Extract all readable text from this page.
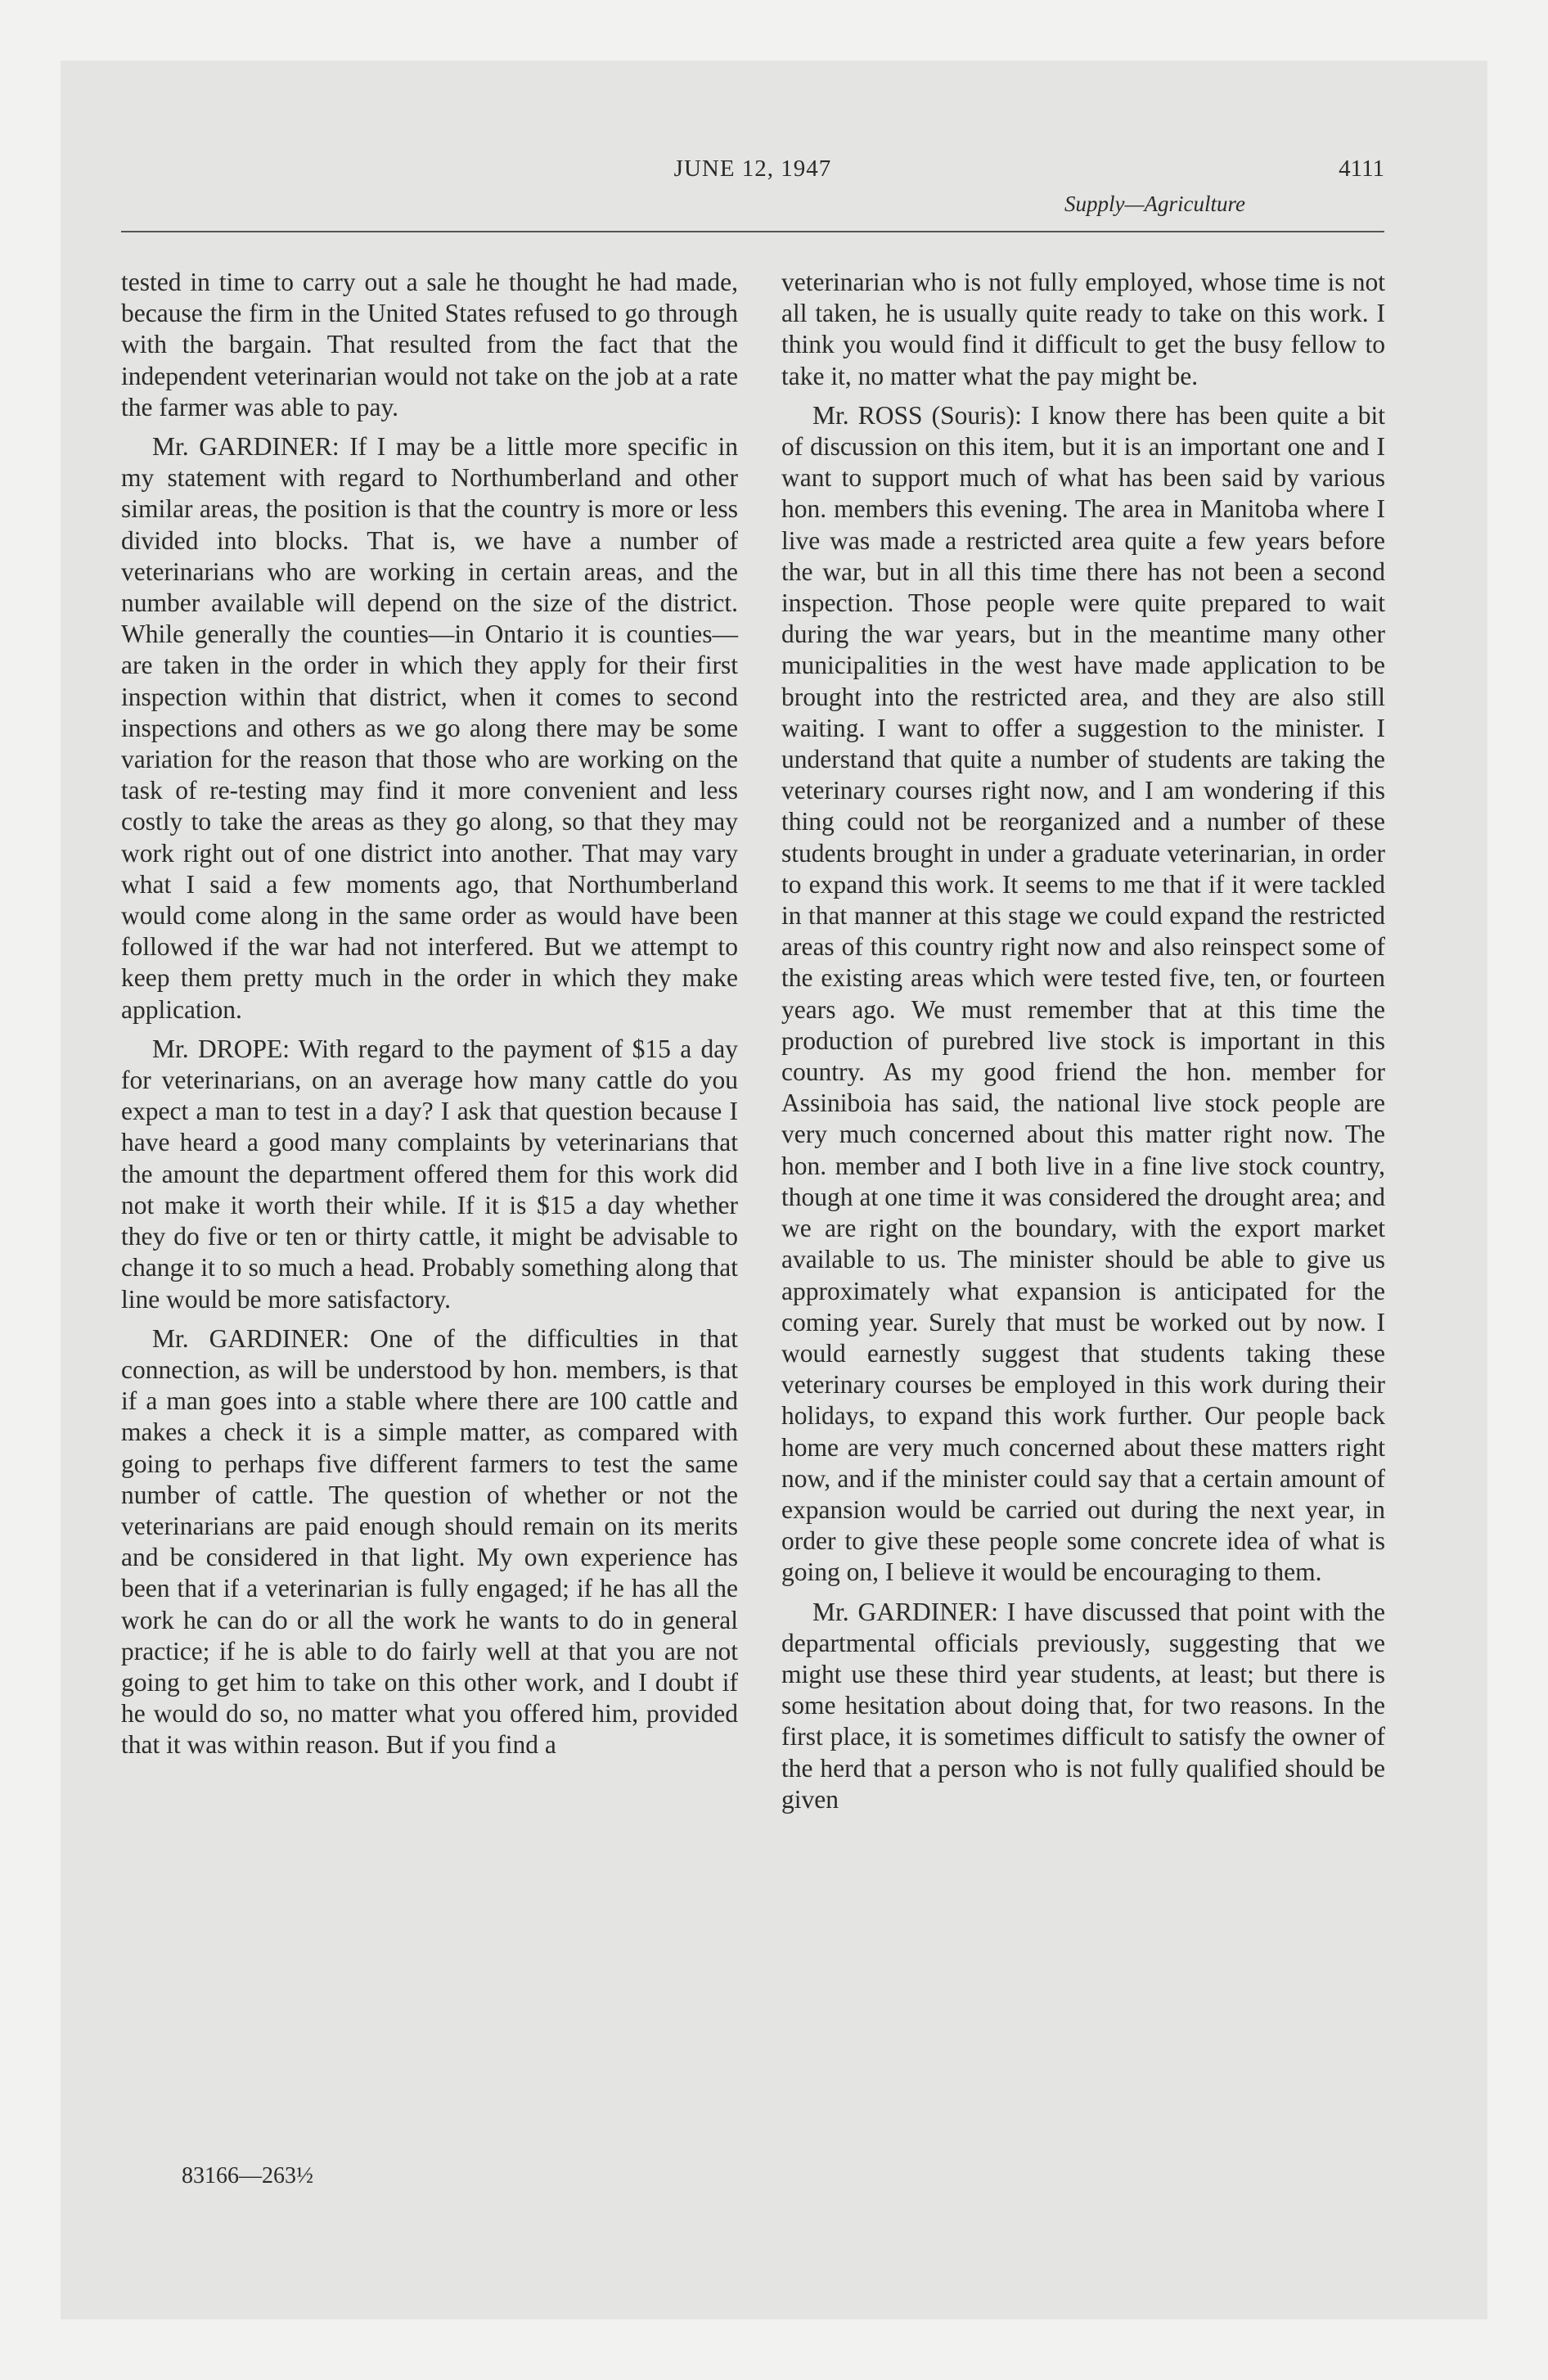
JUNE 12, 1947	4111
Supply—Agriculture

tested in time to carry out a sale he thought he had made, because the firm in the United States refused to go through with the bargain. That resulted from the fact that the independent veterinarian would not take on the job at a rate the farmer was able to pay.

Mr. GARDINER: If I may be a little more specific in my statement with regard to Northumberland and other similar areas, the position is that the country is more or less divided into blocks. That is, we have a number of veterinarians who are working in certain areas, and the number available will depend on the size of the district. While generally the counties—in Ontario it is counties—are taken in the order in which they apply for their first inspection within that district, when it comes to second inspections and others as we go along there may be some variation for the reason that those who are working on the task of re-testing may find it more convenient and less costly to take the areas as they go along, so that they may work right out of one district into another. That may vary what I said a few moments ago, that Northumberland would come along in the same order as would have been followed if the war had not interfered. But we attempt to keep them pretty much in the order in which they make application.

Mr. DROPE: With regard to the payment of $15 a day for veterinarians, on an average how many cattle do you expect a man to test in a day? I ask that question because I have heard a good many complaints by veterinarians that the amount the department offered them for this work did not make it worth their while. If it is $15 a day whether they do five or ten or thirty cattle, it might be advisable to change it to so much a head. Probably something along that line would be more satisfactory.

Mr. GARDINER: One of the difficulties in that connection, as will be understood by hon. members, is that if a man goes into a stable where there are 100 cattle and makes a check it is a simple matter, as compared with going to perhaps five different farmers to test the same number of cattle. The question of whether or not the veterinarians are paid enough should remain on its merits and be considered in that light. My own experience has been that if a veterinarian is fully engaged; if he has all the work he can do or all the work he wants to do in general practice; if he is able to do fairly well at that you are not going to get him to take on this other work, and I doubt if he would do so, no matter what you offered him, provided that it was within reason. But if you find a

veterinarian who is not fully employed, whose time is not all taken, he is usually quite ready to take on this work. I think you would find it difficult to get the busy fellow to take it, no matter what the pay might be.

Mr. ROSS (Souris): I know there has been quite a bit of discussion on this item, but it is an important one and I want to support much of what has been said by various hon. members this evening. The area in Manitoba where I live was made a restricted area quite a few years before the war, but in all this time there has not been a second inspection. Those people were quite prepared to wait during the war years, but in the meantime many other municipalities in the west have made application to be brought into the restricted area, and they are also still waiting. I want to offer a suggestion to the minister. I understand that quite a number of students are taking the veterinary courses right now, and I am wondering if this thing could not be reorganized and a number of these students brought in under a graduate veterinarian, in order to expand this work. It seems to me that if it were tackled in that manner at this stage we could expand the restricted areas of this country right now and also reinspect some of the existing areas which were tested five, ten, or fourteen years ago. We must remember that at this time the production of purebred live stock is important in this country. As my good friend the hon. member for Assiniboia has said, the national live stock people are very much concerned about this matter right now. The hon. member and I both live in a fine live stock country, though at one time it was considered the drought area; and we are right on the boundary, with the export market available to us. The minister should be able to give us approximately what expansion is anticipated for the coming year. Surely that must be worked out by now. I would earnestly suggest that students taking these veterinary courses be employed in this work during their holidays, to expand this work further. Our people back home are very much concerned about these matters right now, and if the minister could say that a certain amount of expansion would be carried out during the next year, in order to give these people some concrete idea of what is going on, I believe it would be encouraging to them.

Mr. GARDINER: I have discussed that point with the departmental officials previously, suggesting that we might use these third year students, at least; but there is some hesitation about doing that, for two reasons. In the first place, it is sometimes difficult to satisfy the owner of the herd that a person who is not fully qualified should be given

83166—263½
